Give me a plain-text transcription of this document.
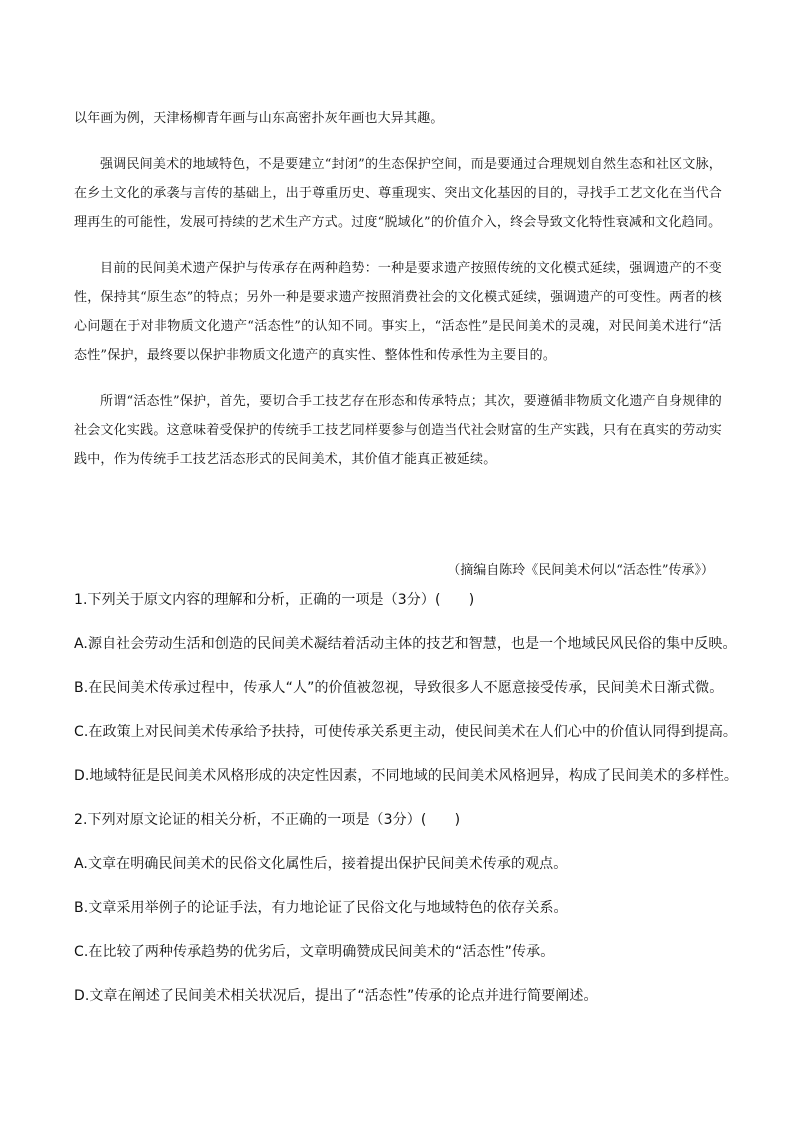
以年画为例，天津杨柳青年画与山东高密扑灰年画也大异其趣。

强调民间美术的地域特色，不是要建立“封闭”的生态保护空间，而是要通过合理规划自然生态和社区文脉，在乡土文化的承袭与言传的基础上，出于尊重历史、尊重现实、突出文化基因的目的，寻找手工艺文化在当代合理再生的可能性，发展可持续的艺术生产方式。过度“脱域化”的价值介入，终会导致文化特性衰减和文化趋同。

目前的民间美术遗产保护与传承存在两种趋势：一种是要求遗产按照传统的文化模式延续，强调遗产的不变性，保持其“原生态”的特点；另外一种是要求遗产按照消费社会的文化模式延续，强调遗产的可变性。两者的核心问题在于对非物质文化遗产“活态性”的认知不同。事实上，“活态性”是民间美术的灵魂，对民间美术进行“活态性”保护，最终要以保护非物质文化遗产的真实性、整体性和传承性为主要目的。

所谓“活态性”保护，首先，要切合手工技艺存在形态和传承特点；其次，要遵循非物质文化遗产自身规律的社会文化实践。这意味着受保护的传统手工技艺同样要参与创造当代社会财富的生产实践，只有在真实的劳动实践中，作为传统手工技艺活态形式的民间美术，其价值才能真正被延续。

（摘编自陈玲《民间美术何以“活态性”传承》）
1.下列关于原文内容的理解和分析，正确的一项是（3分）(　　)
A.源自社会劳动生活和创造的民间美术凝结着活动主体的技艺和智慧，也是一个地域民风民俗的集中反映。
B.在民间美术传承过程中，传承人“人”的价值被忽视，导致很多人不愿意接受传承，民间美术日渐式微。
C.在政策上对民间美术传承给予扶持，可使传承关系更主动，使民间美术在人们心中的价值认同得到提高。
D.地域特征是民间美术风格形成的决定性因素，不同地域的民间美术风格迥异，构成了民间美术的多样性。
2.下列对原文论证的相关分析，不正确的一项是（3分）(　　)
A.文章在明确民间美术的民俗文化属性后，接着提出保护民间美术传承的观点。
B.文章采用举例子的论证手法，有力地论证了民俗文化与地域特色的依存关系。
C.在比较了两种传承趋势的优劣后，文章明确赞成民间美术的“活态性”传承。
D.文章在阐述了民间美术相关状况后，提出了“活态性”传承的论点并进行简要阐述。
